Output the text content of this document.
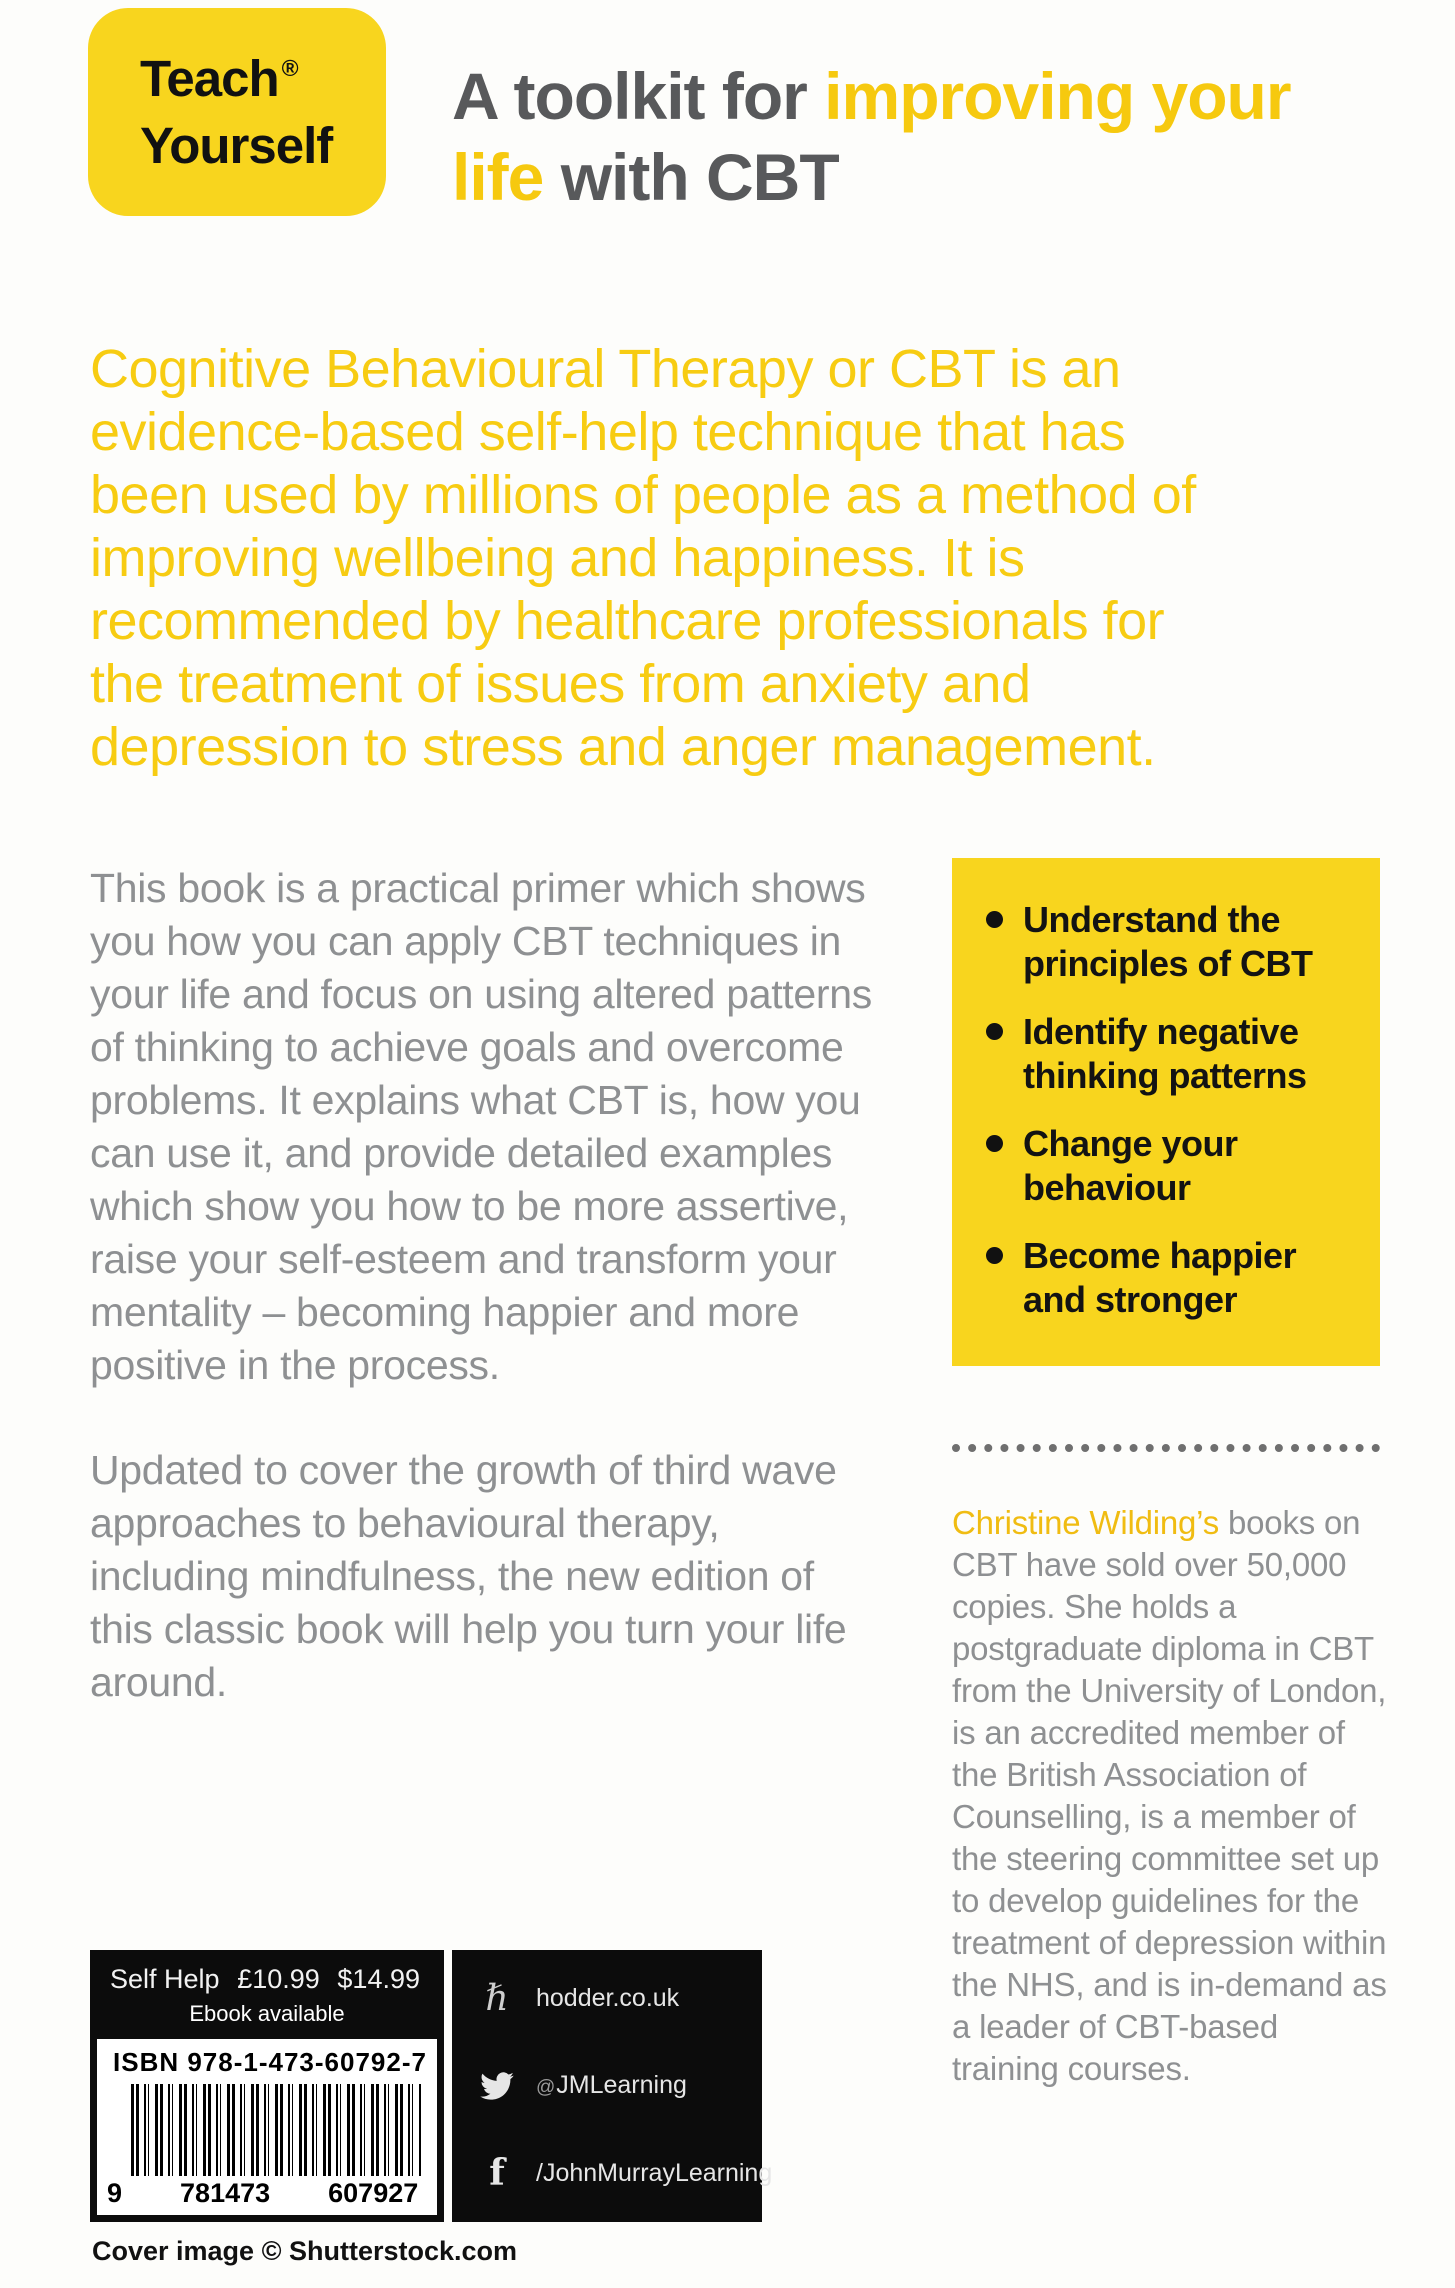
Teach ®
Yourself
A toolkit for improving your life with CBT

Cognitive Behavioural Therapy or CBT is an evidence-based self-help technique that has been used by millions of people as a method of improving wellbeing and happiness. It is recommended by healthcare professionals for the treatment of issues from anxiety and depression to stress and anger management.

This book is a practical primer which shows you how you can apply CBT techniques in your life and focus on using altered patterns of thinking to achieve goals and overcome problems. It explains what CBT is, how you can use it, and provide detailed examples which show you how to be more assertive, raise your self-esteem and transform your mentality – becoming happier and more positive in the process.

Updated to cover the growth of third wave approaches to behavioural therapy, including mindfulness, the new edition of this classic book will help you turn your life around.

Understand the principles of CBT
Identify negative thinking patterns
Change your behaviour
Become happier and stronger

Christine Wilding’s books on CBT have sold over 50,000 copies. She holds a postgraduate diploma in CBT from the University of London, is an accredited member of the British Association of Counselling, is a member of the steering committee set up to develop guidelines for the treatment of depression within the NHS, and is in-demand as a leader of CBT-based training courses.

Self Help £10.99 $14.99
Ebook available
ISBN 978-1-473-60792-7
9 781473 607927
ℏ hodder.co.uk
@ JMLearning
f /JohnMurrayLearning

Cover image © Shutterstock.com
